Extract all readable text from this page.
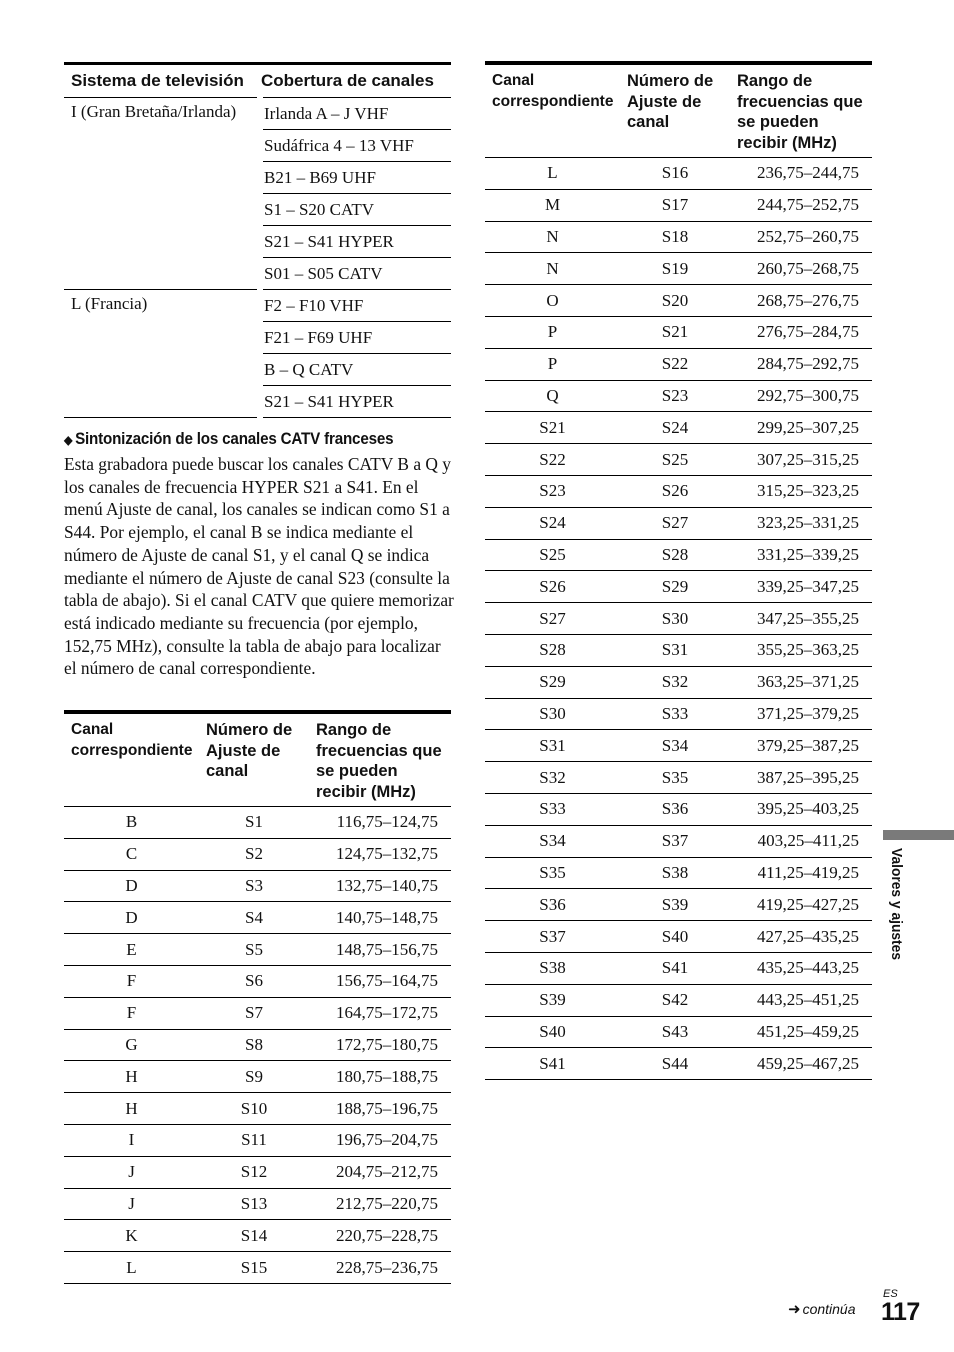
Sistema de televisión	Cobertura de canales
I (Gran Bretaña/Irlanda)	Irlanda A – J VHF
	Sudáfrica 4 – 13 VHF
	B21 – B69 UHF
	S1 – S20 CATV
	S21 – S41 HYPER
	S01 – S05 CATV
L (Francia)	F2 – F10 VHF
	F21 – F69 UHF
	B – Q CATV
	S21 – S41 HYPER
◆ Sintonización de los canales CATV franceses
Esta grabadora puede buscar los canales CATV B a Q y los canales de frecuencia HYPER S21 a S41. En el menú Ajuste de canal, los canales se indican como S1 a S44. Por ejemplo, el canal B se indica mediante el número de Ajuste de canal S1, y el canal Q se indica mediante el número de Ajuste de canal S23 (consulte la tabla de abajo). Si el canal CATV que quiere memorizar está indicado mediante su frecuencia (por ejemplo, 152,75 MHz), consulte la tabla de abajo para localizar el número de canal correspondiente.
Canal correspondiente	Número de Ajuste de canal	Rango de frecuencias que se pueden recibir (MHz)
B	S1	116,75–124,75
C	S2	124,75–132,75
D	S3	132,75–140,75
D	S4	140,75–148,75
E	S5	148,75–156,75
F	S6	156,75–164,75
F	S7	164,75–172,75
G	S8	172,75–180,75
H	S9	180,75–188,75
H	S10	188,75–196,75
I	S11	196,75–204,75
J	S12	204,75–212,75
J	S13	212,75–220,75
K	S14	220,75–228,75
L	S15	228,75–236,75
Canal correspondiente	Número de Ajuste de canal	Rango de frecuencias que se pueden recibir (MHz)
L	S16	236,75–244,75
M	S17	244,75–252,75
N	S18	252,75–260,75
N	S19	260,75–268,75
O	S20	268,75–276,75
P	S21	276,75–284,75
P	S22	284,75–292,75
Q	S23	292,75–300,75
S21	S24	299,25–307,25
S22	S25	307,25–315,25
S23	S26	315,25–323,25
S24	S27	323,25–331,25
S25	S28	331,25–339,25
S26	S29	339,25–347,25
S27	S30	347,25–355,25
S28	S31	355,25–363,25
S29	S32	363,25–371,25
S30	S33	371,25–379,25
S31	S34	379,25–387,25
S32	S35	387,25–395,25
S33	S36	395,25–403,25
S34	S37	403,25–411,25
S35	S38	411,25–419,25
S36	S39	419,25–427,25
S37	S40	427,25–435,25
S38	S41	435,25–443,25
S39	S42	443,25–451,25
S40	S43	451,25–459,25
S41	S44	459,25–467,25
Valores y ajustes
➜ continúa
ES
117
